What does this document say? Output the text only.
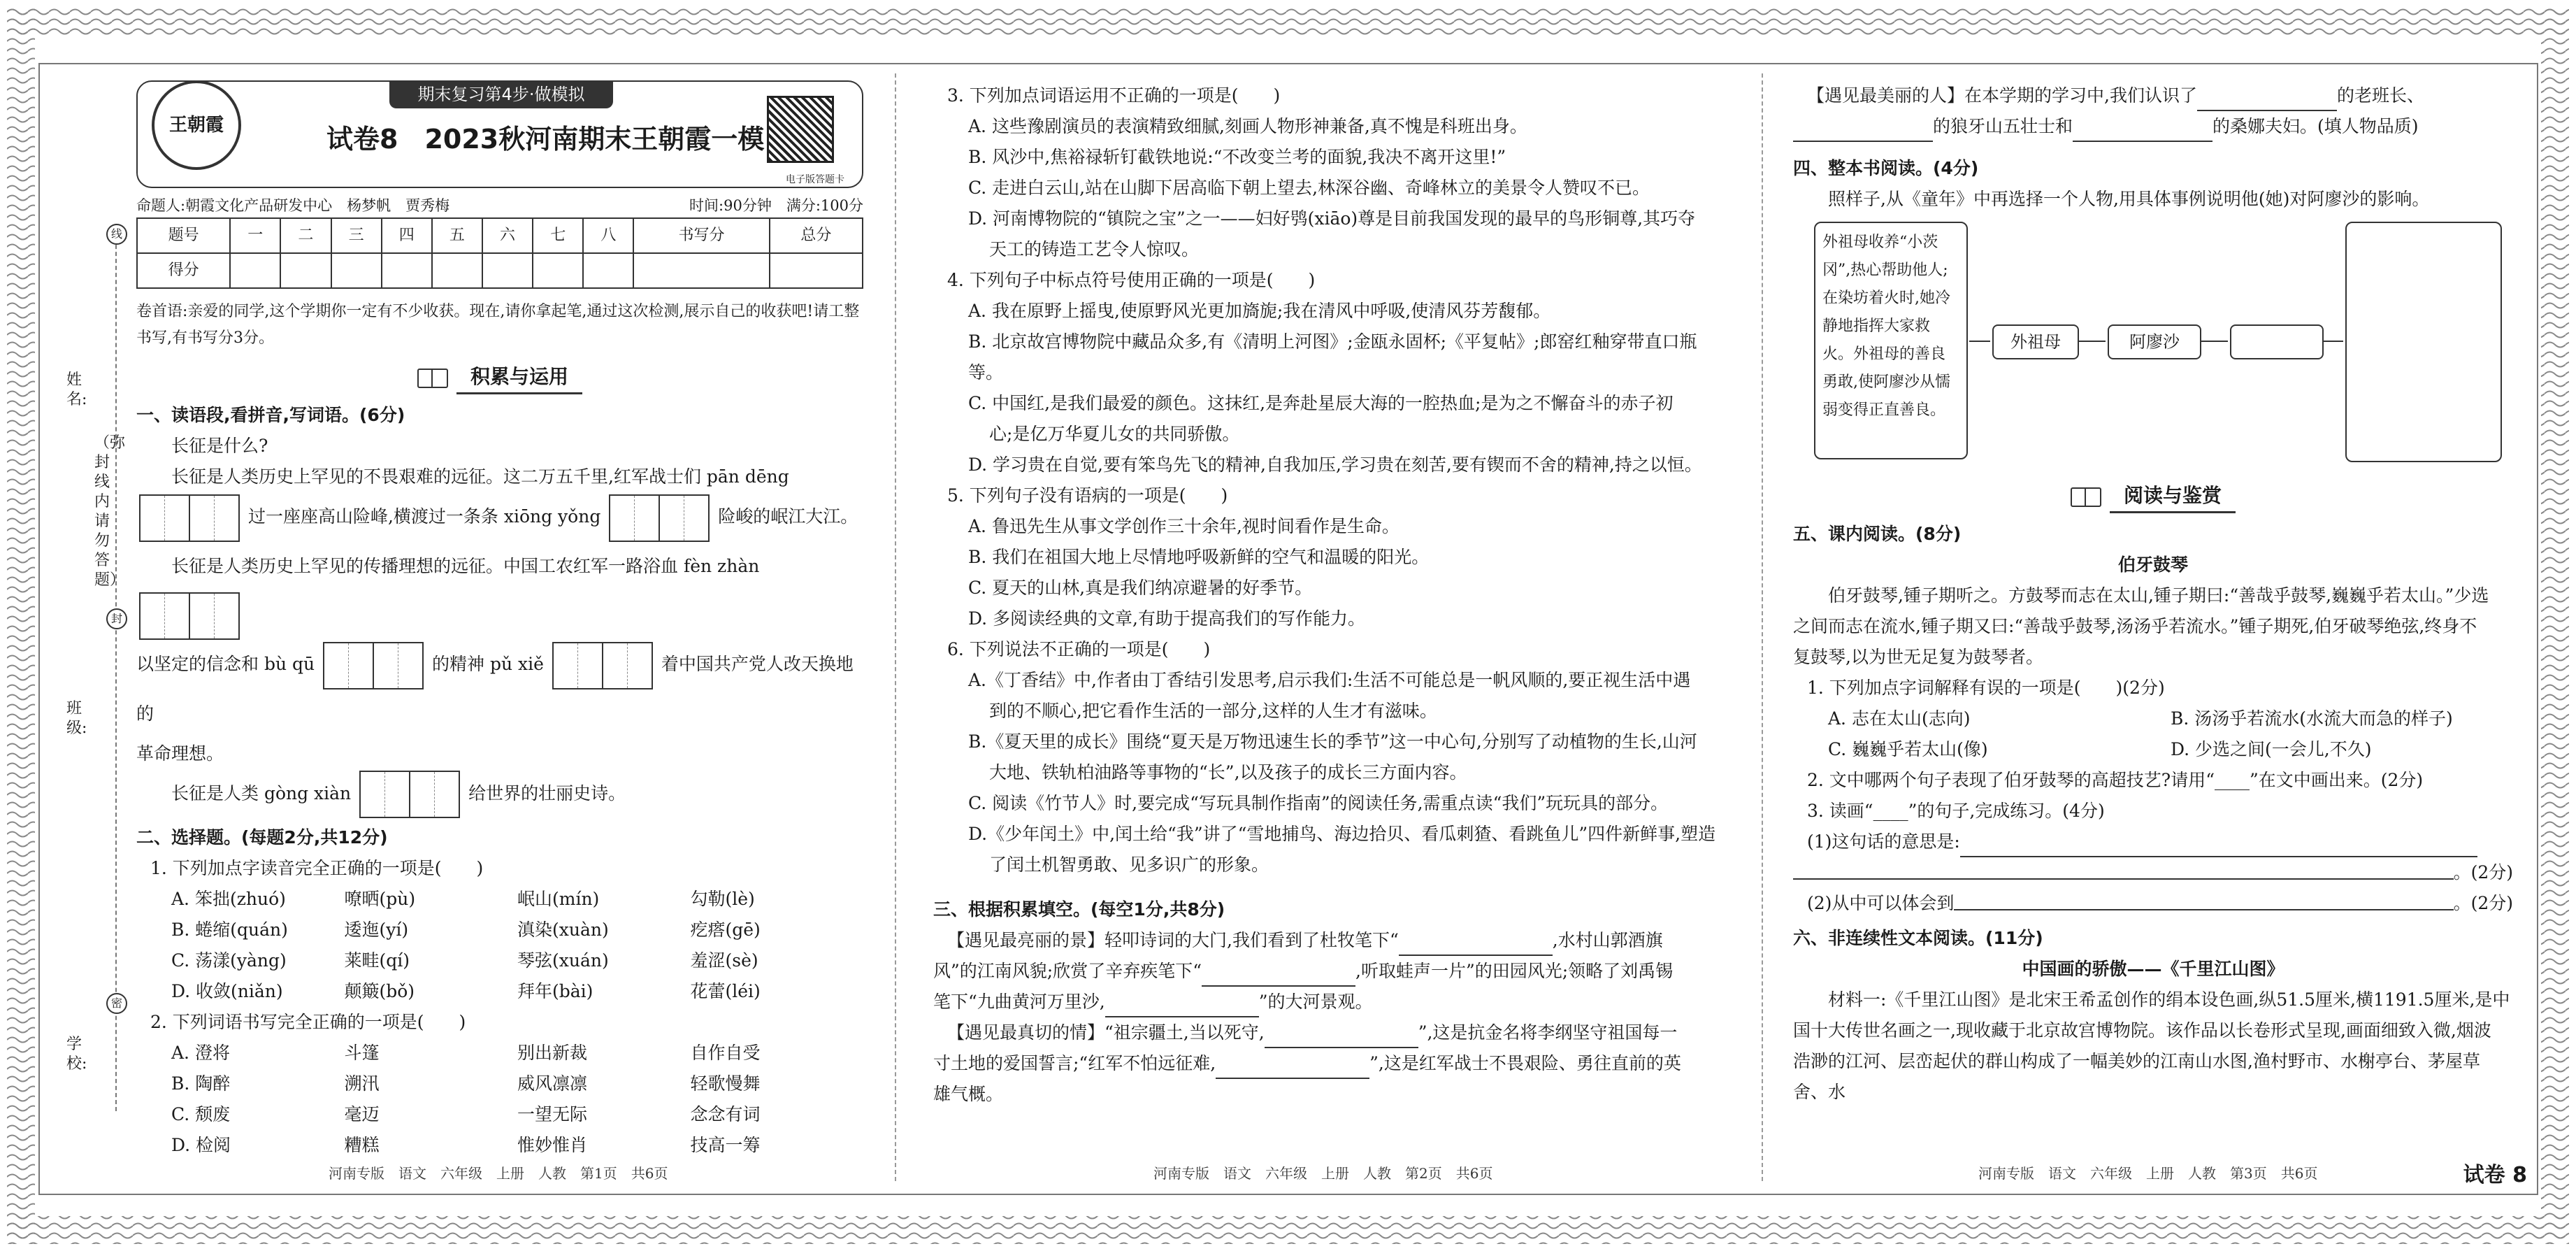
姓名:
（弥封线内请勿答题）
班级:
学校:
线
封
密
王朝霞
期末复习第4步·做模拟
试卷8　2023秋河南期末王朝霞一模
电子版答题卡
命题人:朝霞文化产品研发中心　杨梦帆　贾秀梅	时间:90分钟　满分:100分
题号	一	二	三	四	五	六	七	八	书写分	总分
得分										
卷首语:亲爱的同学,这个学期你一定有不少收获。现在,请你拿起笔,通过这次检测,展示自己的收获吧!请工整书写,有书写分3分。
积累与运用
一、读语段,看拼音,写词语。(6分)
长征是什么?
长征是人类历史上罕见的不畏艰难的远征。这二万五千里,红军战士们 pān dēng
过一座座高山险峰,横渡过一条条 xiōng yǒng	险峻的岷江大江。
长征是人类历史上罕见的传播理想的远征。中国工农红军一路浴血 fèn zhàn
以坚定的信念和 bù qū	的精神 pǔ xiě	着中国共产党人改天换地的
革命理想。
长征是人类 gòng xiàn	给世界的壮丽史诗。
二、选择题。(每题2分,共12分)
1. 下列加点字读音完全正确的一项是(　　)
A. 笨拙(zhuó)	嘹晒(pù)	岷山(mín)	勾勒(lè)
B. 蜷缩(quán)	逶迤(yí)	滇染(xuàn)	疙瘩(gē)
C. 荡漾(yàng)	莱畦(qí)	琴弦(xuán)	羞涩(sè)
D. 收敛(niǎn)	颠簸(bǒ)	拜年(bài)	花蕾(léi)
2. 下列词语书写完全正确的一项是(　　)
A. 澄将	斗篷	别出新裁	自作自受
B. 陶醉	溯汛	威风凛凛	轻歌慢舞
C. 颓废	毫迈	一望无际	念念有词
D. 检阅	糟糕	惟妙惟肖	技高一筹
3. 下列加点词语运用不正确的一项是(　　)
A. 这些豫剧演员的表演精致细腻,刻画人物形神兼备,真不愧是科班出身。
B. 风沙中,焦裕禄斩钉截铁地说:“不改变兰考的面貌,我决不离开这里!”
C. 走进白云山,站在山脚下居高临下朝上望去,林深谷幽、奇峰林立的美景令人赞叹不已。
D. 河南博物院的“镇院之宝”之一——妇好鸮(xiāo)尊是目前我国发现的最早的鸟形铜尊,其巧夺
天工的铸造工艺令人惊叹。
4. 下列句子中标点符号使用正确的一项是(　　)
A. 我在原野上摇曳,使原野风光更加旖旎;我在清风中呼吸,使清风芬芳馥郁。
B. 北京故宫博物院中藏品众多,有《清明上河图》;金瓯永固杯;《平复帖》;郎窑红釉穿带直口瓶等。
C. 中国红,是我们最爱的颜色。这抹红,是奔赴星辰大海的一腔热血;是为之不懈奋斗的赤子初
心;是亿万华夏儿女的共同骄傲。
D. 学习贵在自觉,要有笨鸟先飞的精神,自我加压,学习贵在刻苦,要有锲而不舍的精神,持之以恒。
5. 下列句子没有语病的一项是(　　)
A. 鲁迅先生从事文学创作三十余年,视时间看作是生命。
B. 我们在祖国大地上尽情地呼吸新鲜的空气和温暖的阳光。
C. 夏天的山林,真是我们纳凉避暑的好季节。
D. 多阅读经典的文章,有助于提高我们的写作能力。
6. 下列说法不正确的一项是(　　)
A.《丁香结》中,作者由丁香结引发思考,启示我们:生活不可能总是一帆风顺的,要正视生活中遇
到的不顺心,把它看作生活的一部分,这样的人生才有滋味。
B.《夏天里的成长》围绕“夏天是万物迅速生长的季节”这一中心句,分别写了动植物的生长,山河
大地、铁轨柏油路等事物的“长”,以及孩子的成长三方面内容。
C. 阅读《竹节人》时,要完成“写玩具制作指南”的阅读任务,需重点读“我们”玩玩具的部分。
D.《少年闰土》中,闰土给“我”讲了“雪地捕鸟、海边拾贝、看瓜刺猹、看跳鱼儿”四件新鲜事,塑造
了闰土机智勇敢、见多识广的形象。
三、根据积累填空。(每空1分,共8分)
【遇见最亮丽的景】轻叩诗词的大门,我们看到了杜牧笔下“	,水村山郭酒旗
风”的江南风貌;欣赏了辛弃疾笔下“	,听取蛙声一片”的田园风光;领略了刘禹锡
笔下“九曲黄河万里沙,	”的大河景观。
【遇见最真切的情】“祖宗疆土,当以死守,	”,这是抗金名将李纲坚守祖国每一
寸土地的爱国誓言;“红军不怕远征难,	”,这是红军战士不畏艰险、勇往直前的英
雄气概。
【遇见最美丽的人】在本学期的学习中,我们认识了	的老班长、
的狼牙山五壮士和	的桑娜夫妇。(填人物品质)
四、整本书阅读。(4分)
照样子,从《童年》中再选择一个人物,用具体事例说明他(她)对阿廖沙的影响。
外祖母收养“小茨冈”,热心帮助他人;在染坊着火时,她冷静地指挥大家救火。外祖母的善良勇敢,使阿廖沙从懦弱变得正直善良。
外祖母	阿廖沙
阅读与鉴赏
五、课内阅读。(8分)
伯牙鼓琴
伯牙鼓琴,锺子期听之。方鼓琴而志在太山,锺子期曰:“善哉乎鼓琴,巍巍乎若太山。”少选
之间而志在流水,锺子期又曰:“善哉乎鼓琴,汤汤乎若流水。”锺子期死,伯牙破琴绝弦,终身不
复鼓琴,以为世无足复为鼓琴者。
1. 下列加点字词解释有误的一项是(　　)(2分)
A. 志在太山(志向)	B. 汤汤乎若流水(水流大而急的样子)
C. 巍巍乎若太山(像)	D. 少选之间(一会儿,不久)
2. 文中哪两个句子表现了伯牙鼓琴的高超技艺?请用“____”在文中画出来。(2分)
3. 读画“____”的句子,完成练习。(4分)
(1)这句话的意思是:
。(2分)
(2)从中可以体会到	。(2分)
六、非连续性文本阅读。(11分)
中国画的骄傲——《千里江山图》
材料一:《千里江山图》是北宋王希孟创作的绢本设色画,纵51.5厘米,横1191.5厘米,是中
国十大传世名画之一,现收藏于北京故宫博物院。该作品以长卷形式呈现,画面细致入微,烟波
浩渺的江河、层峦起伏的群山构成了一幅美妙的江南山水图,渔村野市、水榭亭台、茅屋草舍、水
河南专版　语文　六年级　上册　人教　第1页　共6页	河南专版　语文　六年级　上册　人教　第2页　共6页	河南专版　语文　六年级　上册　人教　第3页　共6页	试卷 8
